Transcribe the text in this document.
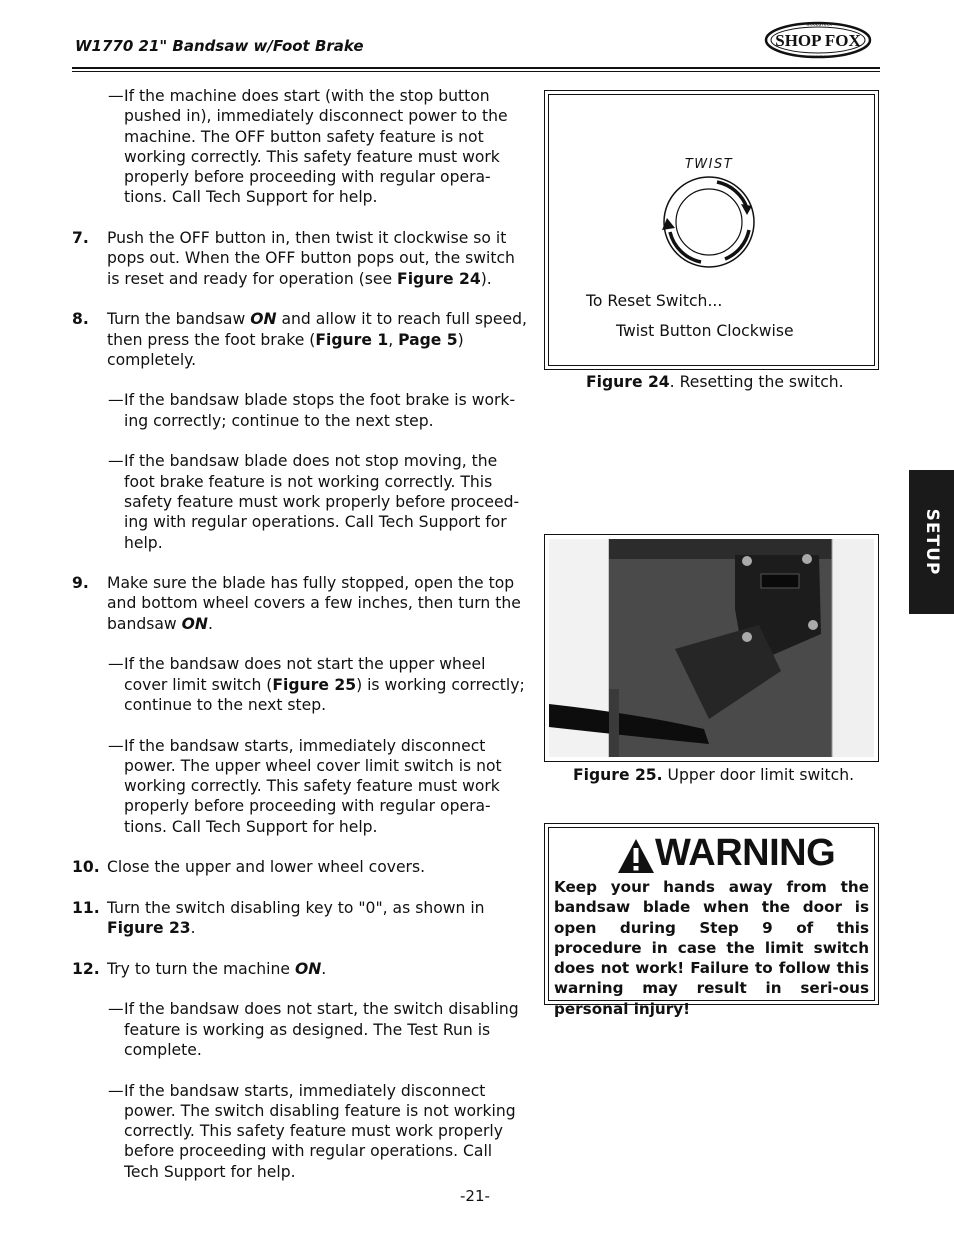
W1770 21" Bandsaw w/Foot Brake	SHOP FOX
WOODSTOCK
INTERNATIONAL

— If the machine does start (with the stop button pushed in), immediately disconnect power to the machine. The OFF button safety feature is not working correctly. This safety feature must work properly before proceeding with regular opera-tions. Call Tech Support for help.

7. Push the OFF button in, then twist it clockwise so it pops out. When the OFF button pops out, the switch is reset and ready for operation (see Figure 24).

8. Turn the bandsaw ON and allow it to reach full speed, then press the foot brake (Figure 1, Page 5) completely.

— If the bandsaw blade stops the foot brake is work-ing correctly; continue to the next step.

— If the bandsaw blade does not stop moving, the foot brake feature is not working correctly. This safety feature must work properly before proceed-ing with regular operations. Call Tech Support for help.

9. Make sure the blade has fully stopped, open the top and bottom wheel covers a few inches, then turn the bandsaw ON.

— If the bandsaw does not start the upper wheel cover limit switch (Figure 25) is working correctly; continue to the next step.

— If the bandsaw starts, immediately disconnect power. The upper wheel cover limit switch is not working correctly. This safety feature must work properly before proceeding with regular opera-tions. Call Tech Support for help.

10. Close the upper and lower wheel covers.

11. Turn the switch disabling key to "0", as shown in Figure 23.

12. Try to turn the machine ON.

— If the bandsaw does not start, the switch disabling feature is working as designed. The Test Run is complete.

— If the bandsaw starts, immediately disconnect power. The switch disabling feature is not working correctly. This safety feature must work properly before proceeding with regular operations. Call Tech Support for help.

TWIST
To Reset Switch...
Twist Button Clockwise
Figure 24. Resetting the switch.
Figure 25. Upper door limit switch.
WARNING
Keep your hands away from the bandsaw blade when the door is open during Step 9 of this procedure in case the limit switch does not work! Failure to follow this warning may result in seri-ous personal injury!
SETUP
-21-
